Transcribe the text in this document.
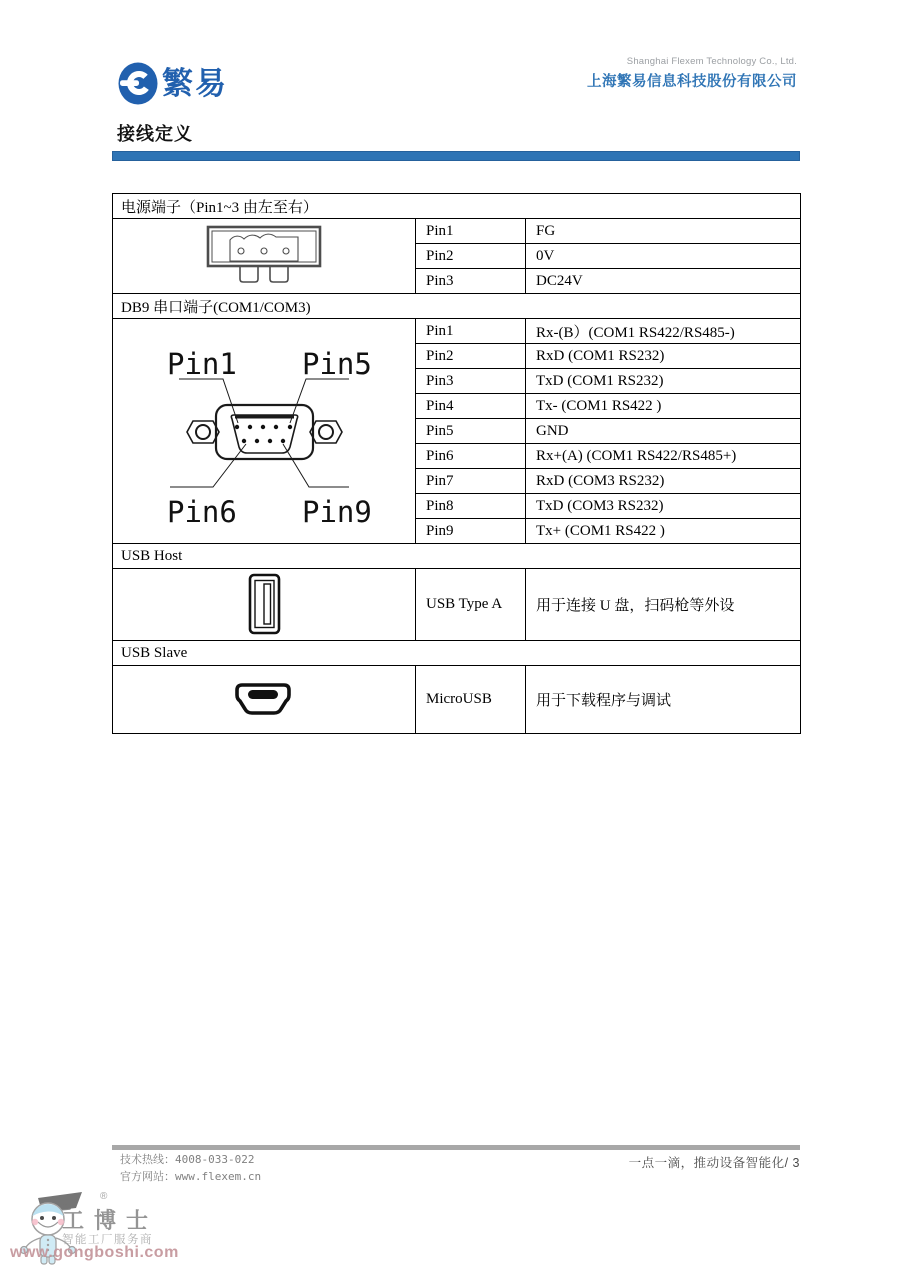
繁易
Shanghai Flexem Technology Co., Ltd.
上海繁易信息科技股份有限公司
接线定义
电源端子（Pin1~3 由左至右）		

	Pin1	FG
	Pin2	0V
	Pin3	DC24V
DB9 串口端子(COM1/COM3)		

Pin1 Pin5
Pin6 Pin9	Pin1	Rx-(B）(COM1 RS422/RS485-)
	Pin2	RxD (COM1 RS232)
	Pin3	TxD (COM1 RS232)
	Pin4	Tx- (COM1 RS422 )
	Pin5	GND
	Pin6	Rx+(A) (COM1 RS422/RS485+)
	Pin7	RxD (COM3 RS232)
	Pin8	TxD (COM3 RS232)
	Pin9	Tx+ (COM1 RS422 )
USB Host		

	USB Type A	用于连接 U 盘，扫码枪等外设
USB Slave		

	MicroUSB	用于下载程序与调试
技术热线：4008-033-022
官方网站：www.flexem.cn
一点一滴，推动设备智能化/ 3
®
工博士
智能工厂服务商
www.gongboshi.com
